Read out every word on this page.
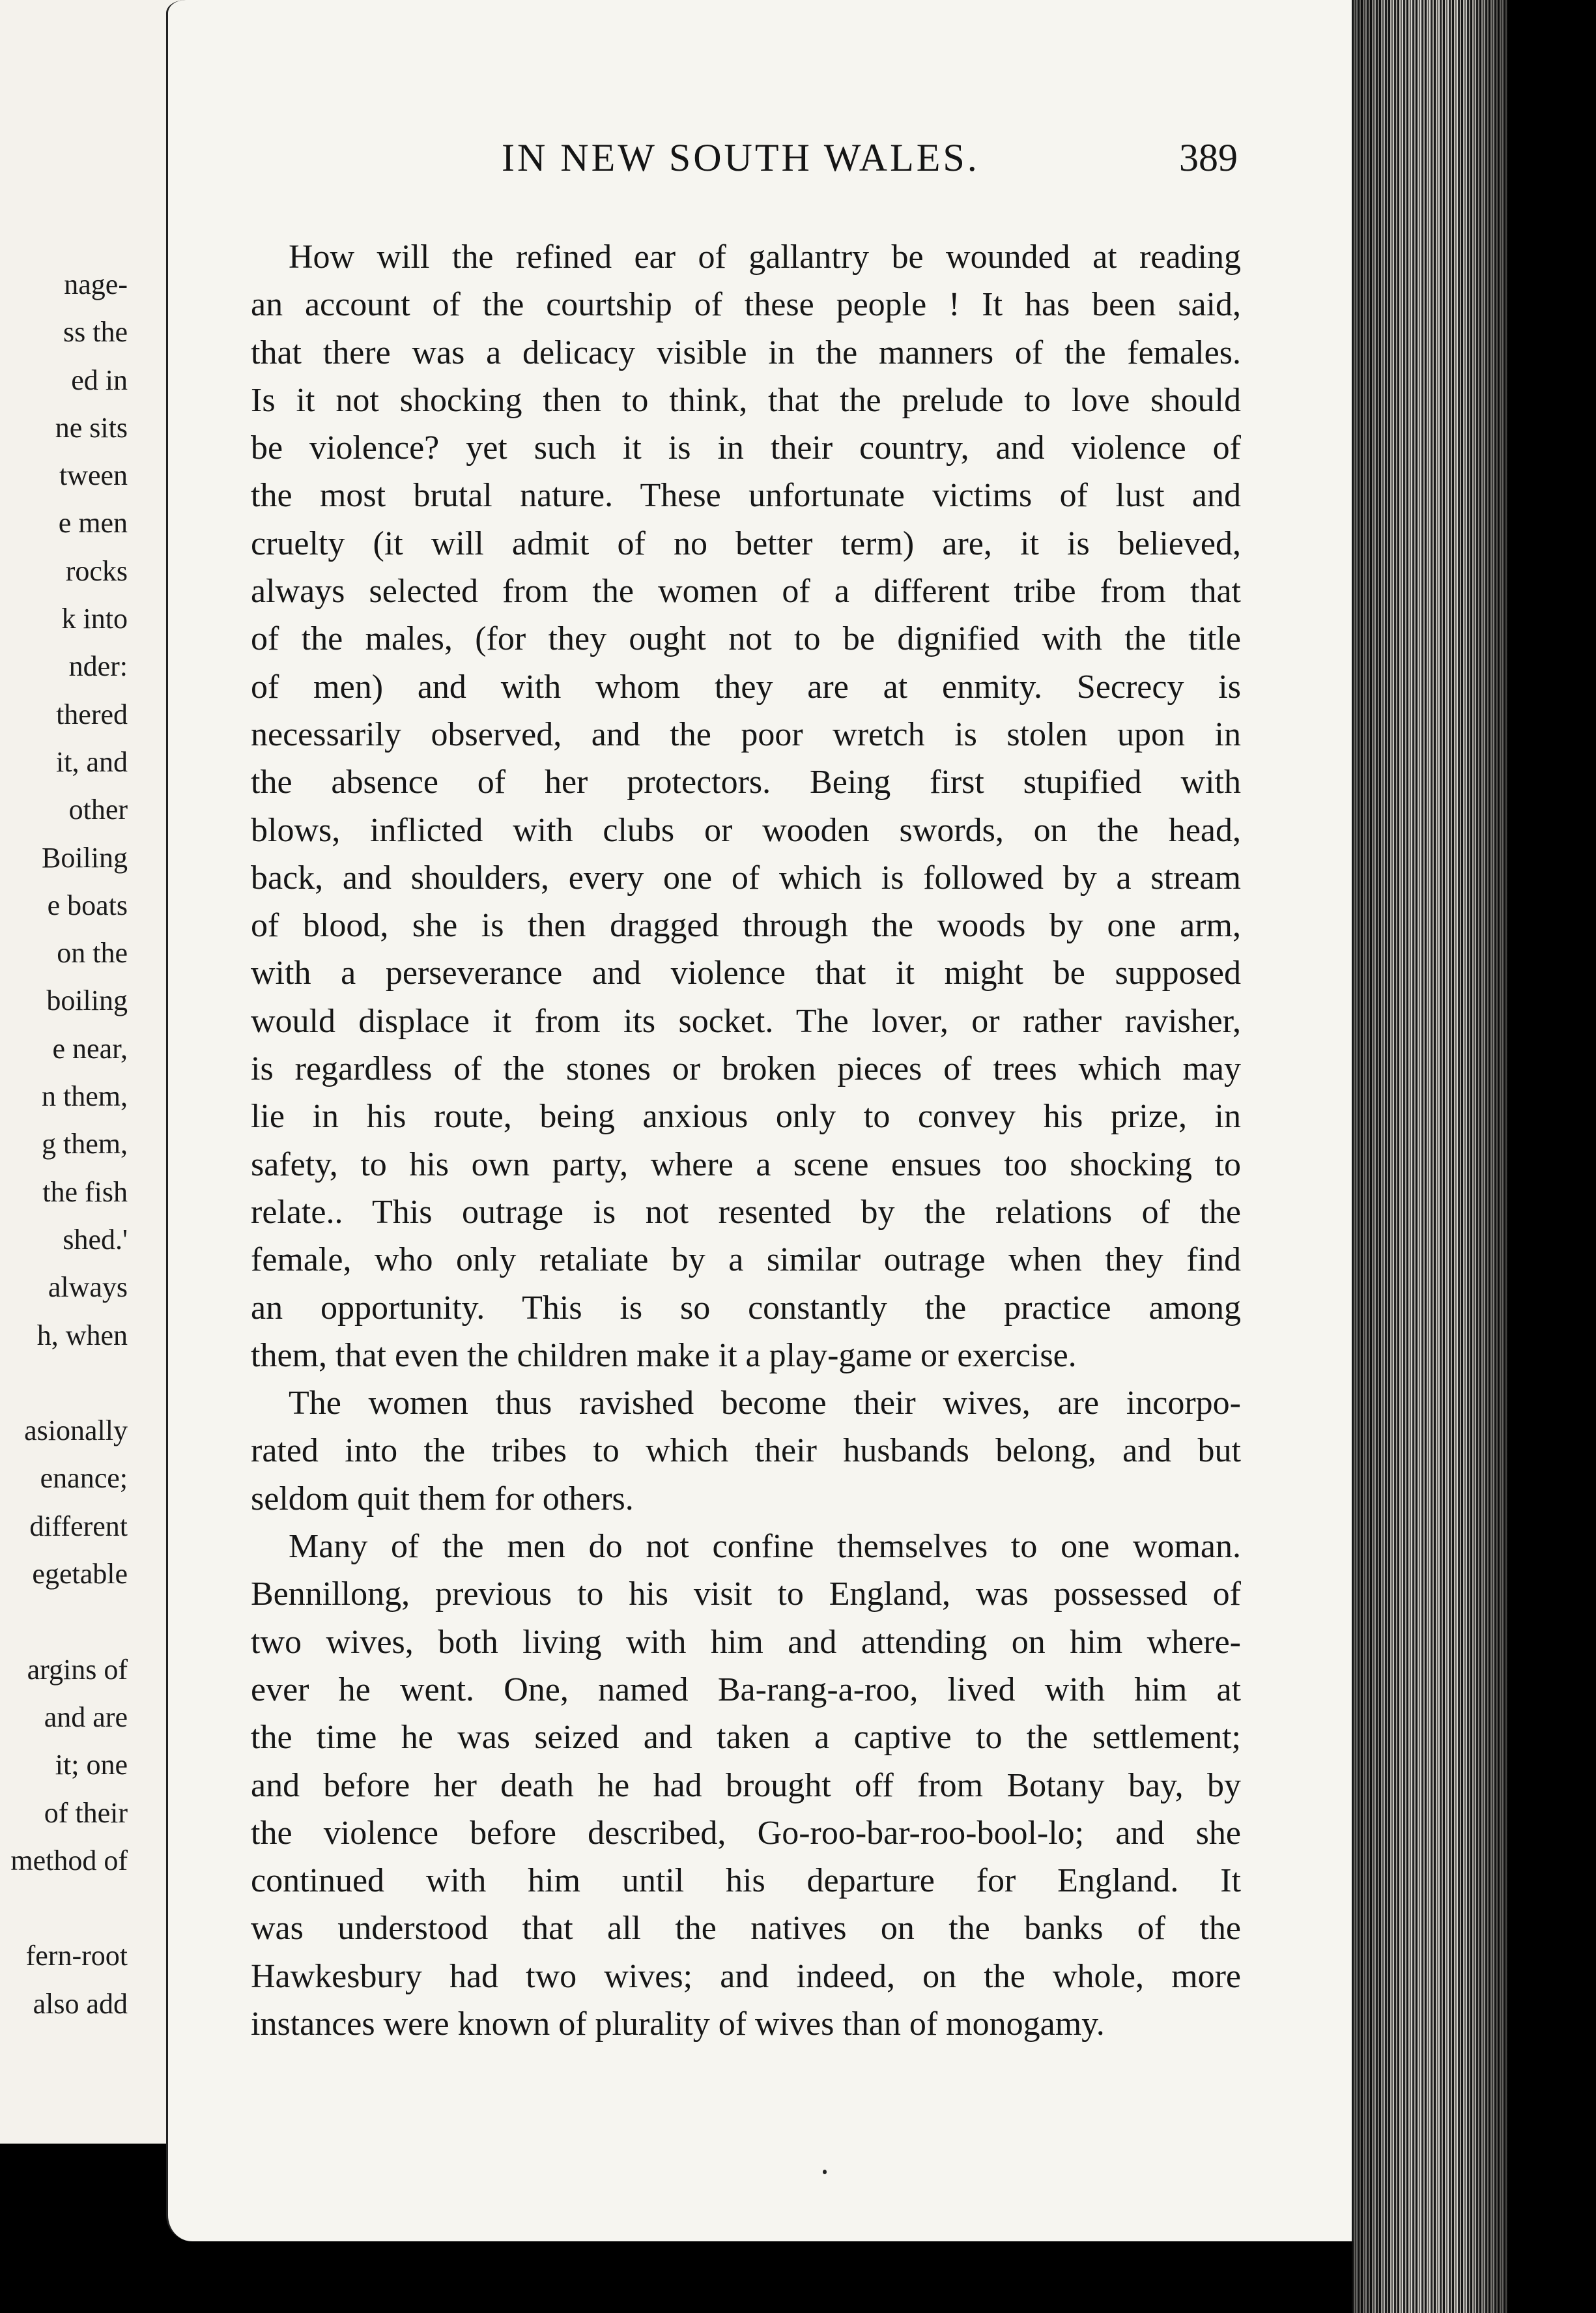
nage-
ss the
ed in
ne sits
tween
e men
rocks
k into
nder:
thered
it, and
other
Boiling
e boats
on the
boiling
e near,
n them,
g them,
the fish
shed.'
always
h, when
asionally
enance;
different
egetable
argins of
and are
it; one
of their
method of
fern-root
also add
IN NEW SOUTH WALES.	389
How will the refined ear of gallantry be wounded at reading
an account of the courtship of these people ! It has been said,
that there was a delicacy visible in the manners of the females.
Is it not shocking then to think, that the prelude to love should
be violence? yet such it is in their country, and violence of
the most brutal nature. These unfortunate victims of lust and
cruelty (it will admit of no better term) are, it is believed,
always selected from the women of a different tribe from that
of the males, (for they ought not to be dignified with the title
of men) and with whom they are at enmity. Secrecy is
necessarily observed, and the poor wretch is stolen upon in
the absence of her protectors. Being first stupified with
blows, inflicted with clubs or wooden swords, on the head,
back, and shoulders, every one of which is followed by a stream
of blood, she is then dragged through the woods by one arm,
with a perseverance and violence that it might be supposed
would displace it from its socket. The lover, or rather ravisher,
is regardless of the stones or broken pieces of trees which may
lie in his route, being anxious only to convey his prize, in
safety, to his own party, where a scene ensues too shocking to
relate.. This outrage is not resented by the relations of the
female, who only retaliate by a similar outrage when they find
an opportunity. This is so constantly the practice among
them, that even the children make it a play-game or exercise.
The women thus ravished become their wives, are incorpo-
rated into the tribes to which their husbands belong, and but
seldom quit them for others.
Many of the men do not confine themselves to one woman.
Bennillong, previous to his visit to England, was possessed of
two wives, both living with him and attending on him where-
ever he went. One, named Ba-rang-a-roo, lived with him at
the time he was seized and taken a captive to the settlement;
and before her death he had brought off from Botany bay, by
the violence before described, Go-roo-bar-roo-bool-lo; and she
continued with him until his departure for England. It
was understood that all the natives on the banks of the
Hawkesbury had two wives; and indeed, on the whole, more
instances were known of plurality of wives than of monogamy.
